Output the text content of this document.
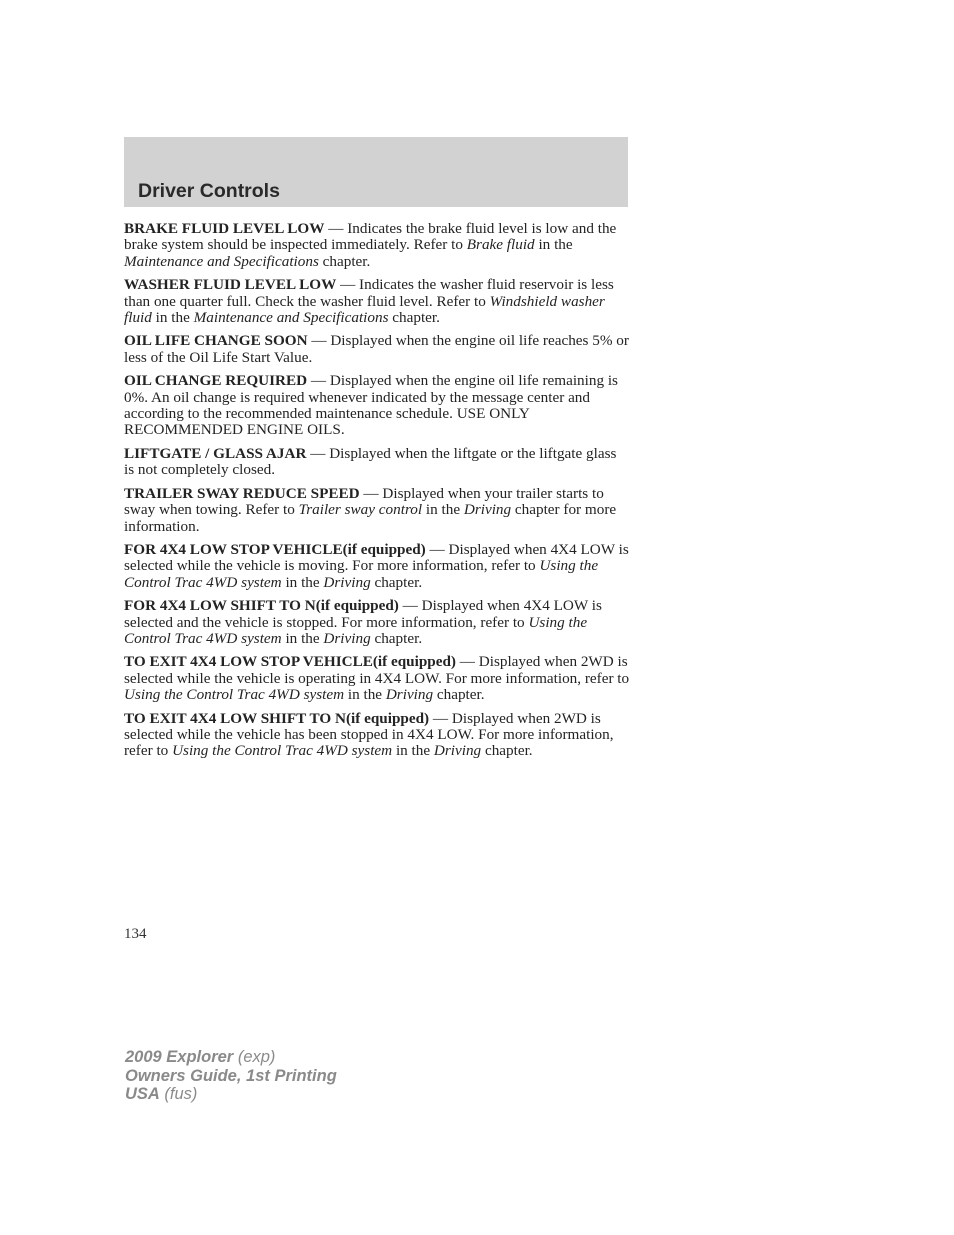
Driver Controls

BRAKE FLUID LEVEL LOW — Indicates the brake fluid level is low and the brake system should be inspected immediately. Refer to Brake fluid in the Maintenance and Specifications chapter.

WASHER FLUID LEVEL LOW — Indicates the washer fluid reservoir is less than one quarter full. Check the washer fluid level. Refer to Windshield washer fluid in the Maintenance and Specifications chapter.

OIL LIFE CHANGE SOON — Displayed when the engine oil life reaches 5% or less of the Oil Life Start Value.

OIL CHANGE REQUIRED — Displayed when the engine oil life remaining is 0%. An oil change is required whenever indicated by the message center and according to the recommended maintenance schedule. USE ONLY RECOMMENDED ENGINE OILS.

LIFTGATE / GLASS AJAR — Displayed when the liftgate or the liftgate glass is not completely closed.

TRAILER SWAY REDUCE SPEED — Displayed when your trailer starts to sway when towing. Refer to Trailer sway control in the Driving chapter for more information.

FOR 4X4 LOW STOP VEHICLE(if equipped) — Displayed when 4X4 LOW is selected while the vehicle is moving. For more information, refer to Using the Control Trac 4WD system in the Driving chapter.

FOR 4X4 LOW SHIFT TO N(if equipped) — Displayed when 4X4 LOW is selected and the vehicle is stopped. For more information, refer to Using the Control Trac 4WD system in the Driving chapter.

TO EXIT 4X4 LOW STOP VEHICLE(if equipped) — Displayed when 2WD is selected while the vehicle is operating in 4X4 LOW. For more information, refer to Using the Control Trac 4WD system in the Driving chapter.

TO EXIT 4X4 LOW SHIFT TO N(if equipped) — Displayed when 2WD is selected while the vehicle has been stopped in 4X4 LOW. For more information, refer to Using the Control Trac 4WD system in the Driving chapter.

134

2009 Explorer (exp)
Owners Guide, 1st Printing
USA (fus)
